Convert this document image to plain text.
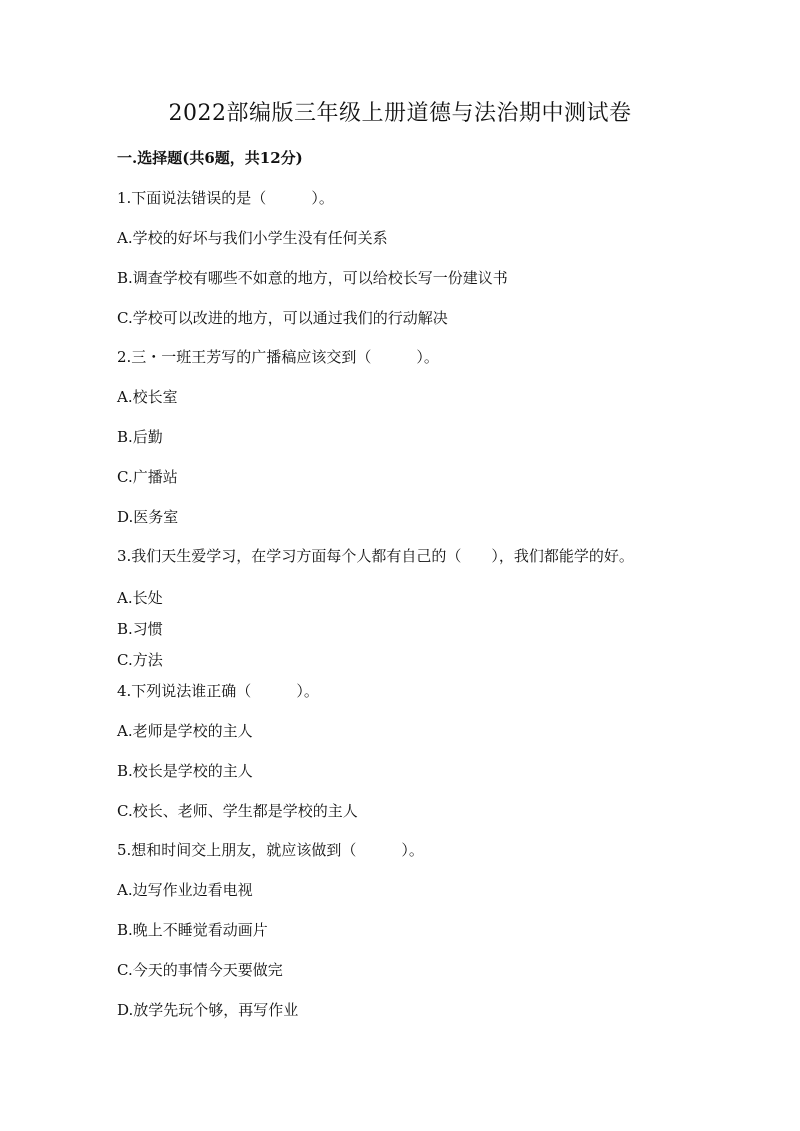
2022部编版三年级上册道德与法治期中测试卷
一.选择题(共6题，共12分)
1.下面说法错误的是（　　　）。
A.学校的好坏与我们小学生没有任何关系
B.调查学校有哪些不如意的地方，可以给校长写一份建议书
C.学校可以改进的地方，可以通过我们的行动解决
2.三・一班王芳写的广播稿应该交到（　　　）。
A.校长室
B.后勤
C.广播站
D.医务室
3.我们天生爱学习，在学习方面每个人都有自己的（　　），我们都能学的好。
A.长处
B.习惯
C.方法
4.下列说法谁正确（　　　）。
A.老师是学校的主人
B.校长是学校的主人
C.校长、老师、学生都是学校的主人
5.想和时间交上朋友，就应该做到（　　　）。
A.边写作业边看电视
B.晚上不睡觉看动画片
C.今天的事情今天要做完
D.放学先玩个够，再写作业
